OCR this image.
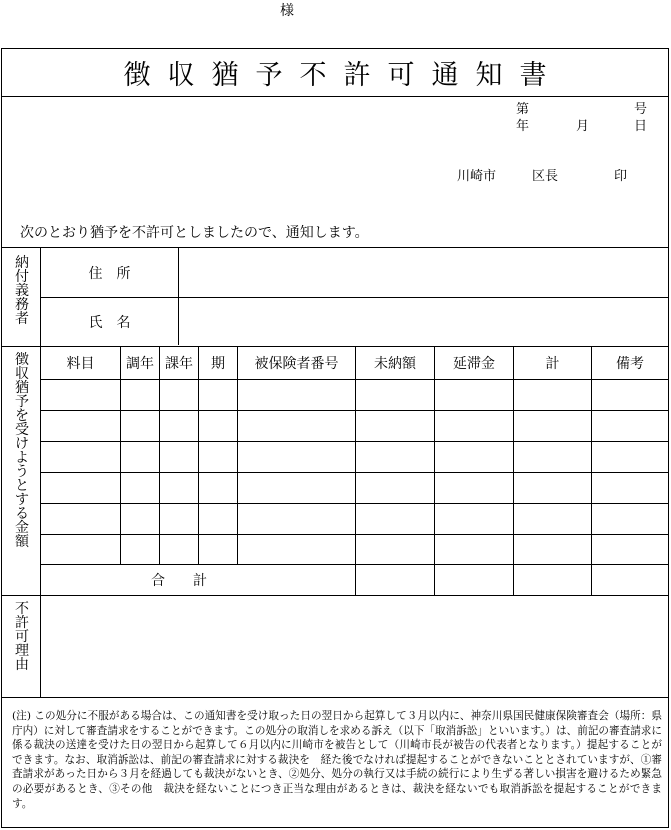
様
徴 収 猶 予 不 許 可 通 知 書
第	号
年	月	日
川崎市	区長	印
次のとおり猶予を不許可としましたので、通知します。
納
付
義
務
者
住　所
氏　名
徴
収
猶
予
を
受
け
よ
う
と
す
る
金
額
料目	調年 課年	期	被保険者番号	未納額	延滞金	計	備考
合　　計
不
許
可
理
由
(注) この処分に不服がある場合は、この通知書を受け取った日の翌日から起算して３月以内に、神奈川県国民健康保険審査会（場所：県庁内）に対して審査請求をすることができます。この処分の取消しを求める訴え（以下「取消訴訟」といいます。）は、前記の審査請求に係る裁決の送達を受けた日の翌日から起算して６月以内に川崎市を被告として（川崎市長が被告の代表者となります。）提起することができます。なお、取消訴訟は、前記の審査請求に対する裁決を　経た後でなければ提起することができないこととされていますが、①審査請求があった日から３月を経過しても裁決がないとき、②処分、処分の執行又は手続の続行により生ずる著しい損害を避けるため緊急の必要があるとき、③その他　裁決を経ないことにつき正当な理由があるときは、裁決を経ないでも取消訴訟を提起することができます。
